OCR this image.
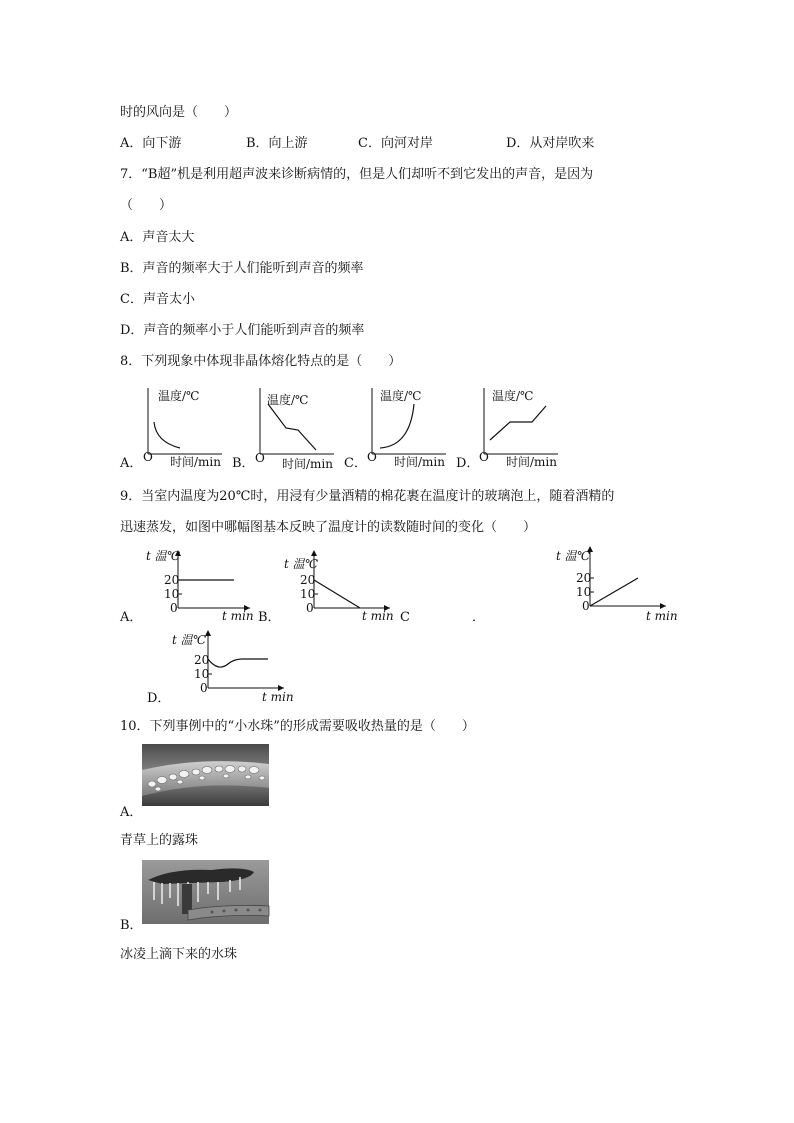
时的风向是（　　）
A．向下游	B．向上游	C．向河对岸	D．从对岸吹来
7．“B超”机是利用超声波来诊断病情的，但是人们却听不到它发出的声音，是因为
（　　）
A．声音太大
B．声音的频率大于人们能听到声音的频率
C．声音太小
D．声音的频率小于人们能听到声音的频率
8．下列现象中体现非晶体熔化特点的是（　　）
A．
温度/℃
O 时间/min B．
温度/℃
O 时间/min C．
温度/℃
O 时间/min D．
温度/℃
O 时间/min
9．当室内温度为20℃时，用浸有少量酒精的棉花裹在温度计的玻璃泡上，随着酒精的
迅速蒸发，如图中哪幅图基本反映了温度计的读数随时间的变化（　　）
A．
t 温℃
20
10
0
t min B．
t 温℃
20
10
0
t min C	．
t 温℃
20
10
0
t min
t 温℃
20
10
0
t min
D．
10．下列事例中的“小水珠”的形成需要吸收热量的是（　　）
A．
青草上的露珠
B．
冰凌上滴下来的水珠
